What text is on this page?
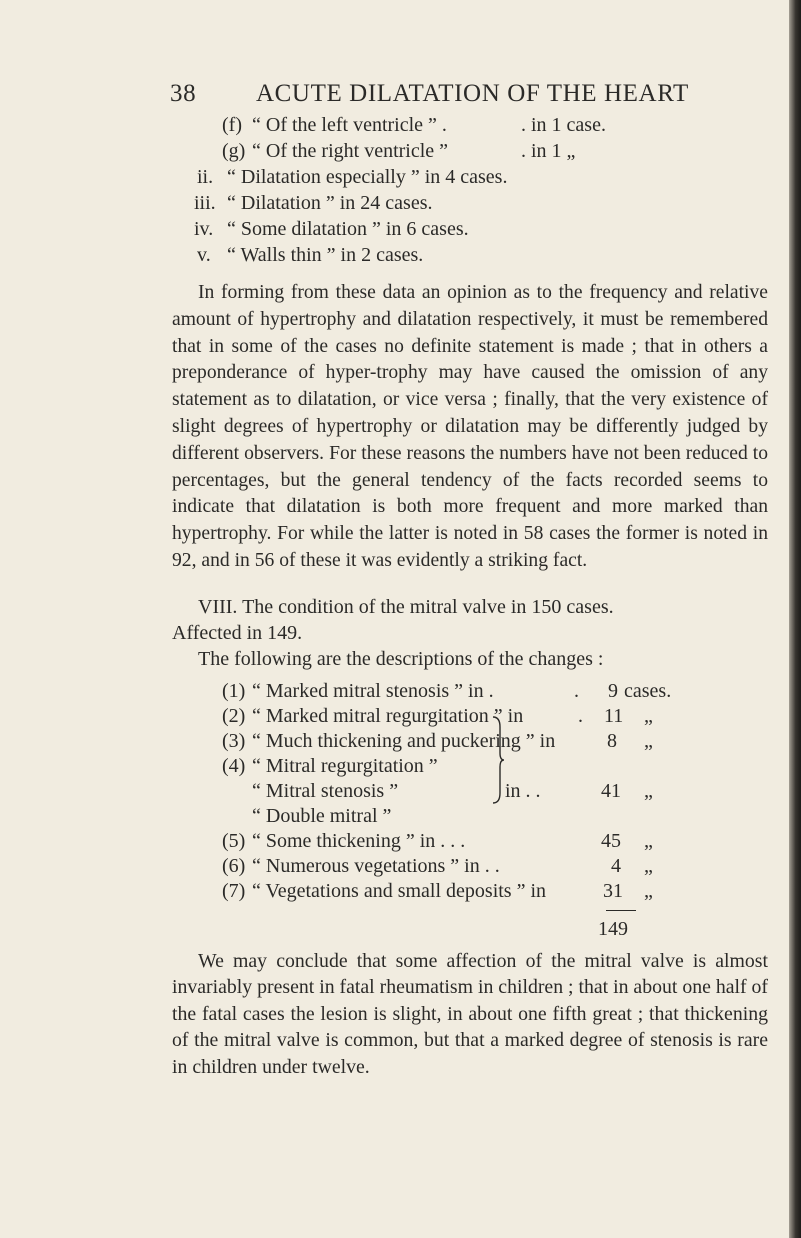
38 ACUTE DILATATION OF THE HEART
(f) “ Of the left ventricle ” .	. in 1 case.
(g) “ Of the right ventricle ”	. in 1 „
ii. “ Dilatation especially ” in 4 cases.
iii. “ Dilatation ” in 24 cases.
iv. “ Some dilatation ” in 6 cases.
v. “ Walls thin ” in 2 cases.

In forming from these data an opinion as to the frequency and relative amount of hypertrophy and dilatation respectively, it must be remembered that in some of the cases no definite statement is made ; that in others a preponderance of hyper-trophy may have caused the omission of any statement as to dilatation, or vice versa ; finally, that the very existence of slight degrees of hypertrophy or dilatation may be differently judged by different observers. For these reasons the numbers have not been reduced to percentages, but the general tendency of the facts recorded seems to indicate that dilatation is both more frequent and more marked than hypertrophy. For while the latter is noted in 58 cases the former is noted in 92, and in 56 of these it was evidently a striking fact.

VIII. The condition of the mitral valve in 150 cases.
Affected in 149.
The following are the descriptions of the changes :
(1) “ Marked mitral stenosis ” in .	. 9 cases.
(2) “ Marked mitral regurgitation ” in	. 11 „
(3) “ Much thickening and puckering ” in	8 „
(4) “ Mitral regurgitation ”
“ Mitral stenosis ”	in . .	41 „
“ Double mitral ”
(5) “ Some thickening ” in . . .	45 „
(6) “ Numerous vegetations ” in . .	4 „
(7) “ Vegetations and small deposits ” in	31 „
149

We may conclude that some affection of the mitral valve is almost invariably present in fatal rheumatism in children ; that in about one half of the fatal cases the lesion is slight, in about one fifth great ; that thickening of the mitral valve is common, but that a marked degree of stenosis is rare in children under twelve.
